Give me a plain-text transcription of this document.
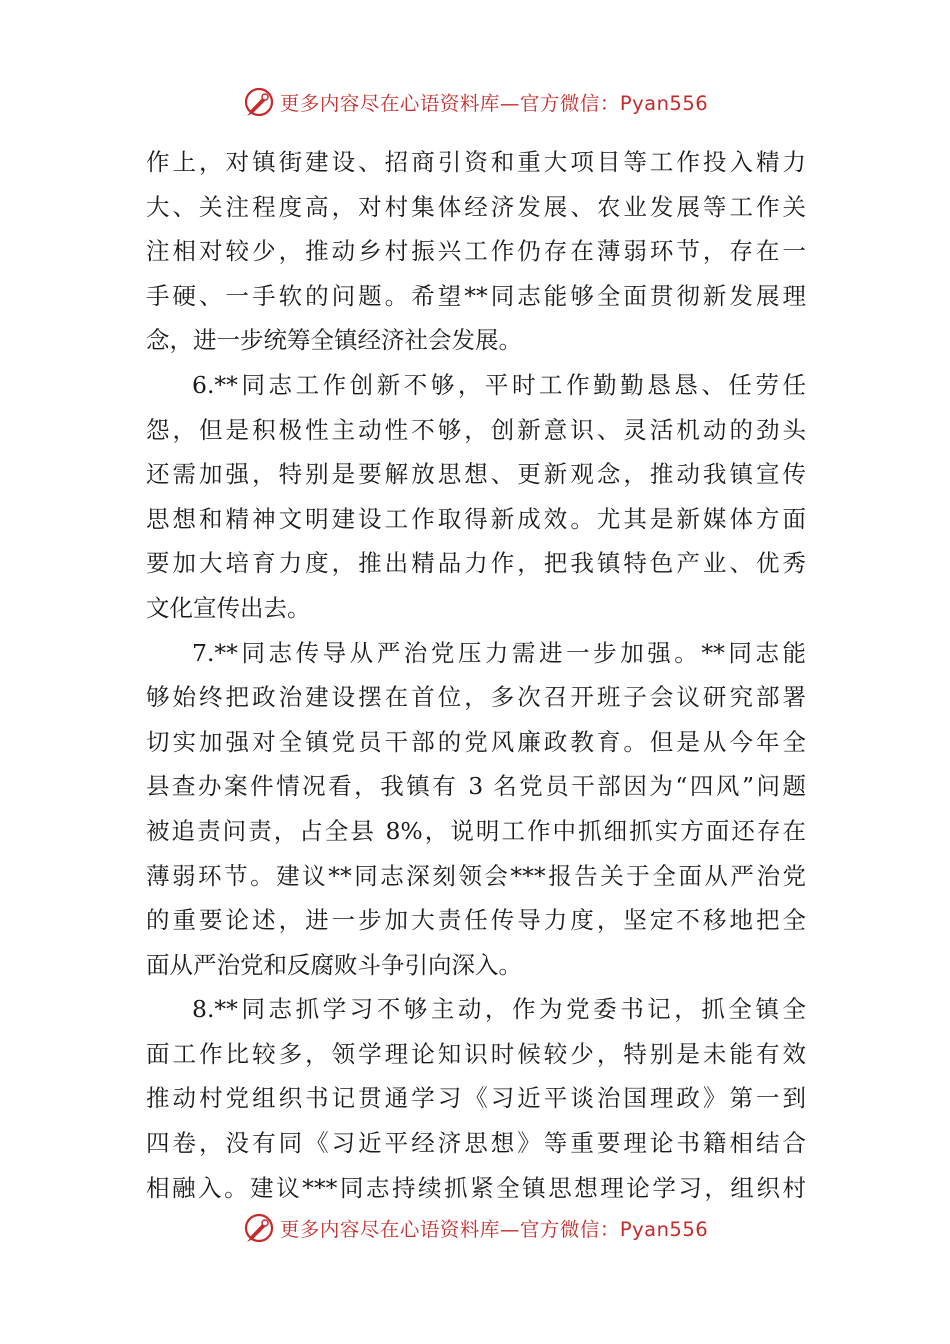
更多内容尽在心语资料库—官方微信：Pyan556
作上，对镇街建设、招商引资和重大项目等工作投入精力
大、关注程度高，对村集体经济发展、农业发展等工作关
注相对较少，推动乡村振兴工作仍存在薄弱环节，存在一
手硬、一手软的问题。希望**同志能够全面贯彻新发展理
念，进一步统筹全镇经济社会发展。
6.**同志工作创新不够，平时工作勤勤恳恳、任劳任
怨，但是积极性主动性不够，创新意识、灵活机动的劲头
还需加强，特别是要解放思想、更新观念，推动我镇宣传
思想和精神文明建设工作取得新成效。尤其是新媒体方面
要加大培育力度，推出精品力作，把我镇特色产业、优秀
文化宣传出去。
7.**同志传导从严治党压力需进一步加强。**同志能
够始终把政治建设摆在首位，多次召开班子会议研究部署
切实加强对全镇党员干部的党风廉政教育。但是从今年全
县查办案件情况看，我镇有 3 名党员干部因为“四风”问题
被追责问责，占全县 8%，说明工作中抓细抓实方面还存在
薄弱环节。建议**同志深刻领会***报告关于全面从严治党
的重要论述，进一步加大责任传导力度，坚定不移地把全
面从严治党和反腐败斗争引向深入。
8.**同志抓学习不够主动，作为党委书记，抓全镇全
面工作比较多，领学理论知识时候较少，特别是未能有效
推动村党组织书记贯通学习《习近平谈治国理政》第一到
四卷，没有同《习近平经济思想》等重要理论书籍相结合
相融入。建议***同志持续抓紧全镇思想理论学习，组织村
更多内容尽在心语资料库—官方微信：Pyan556
